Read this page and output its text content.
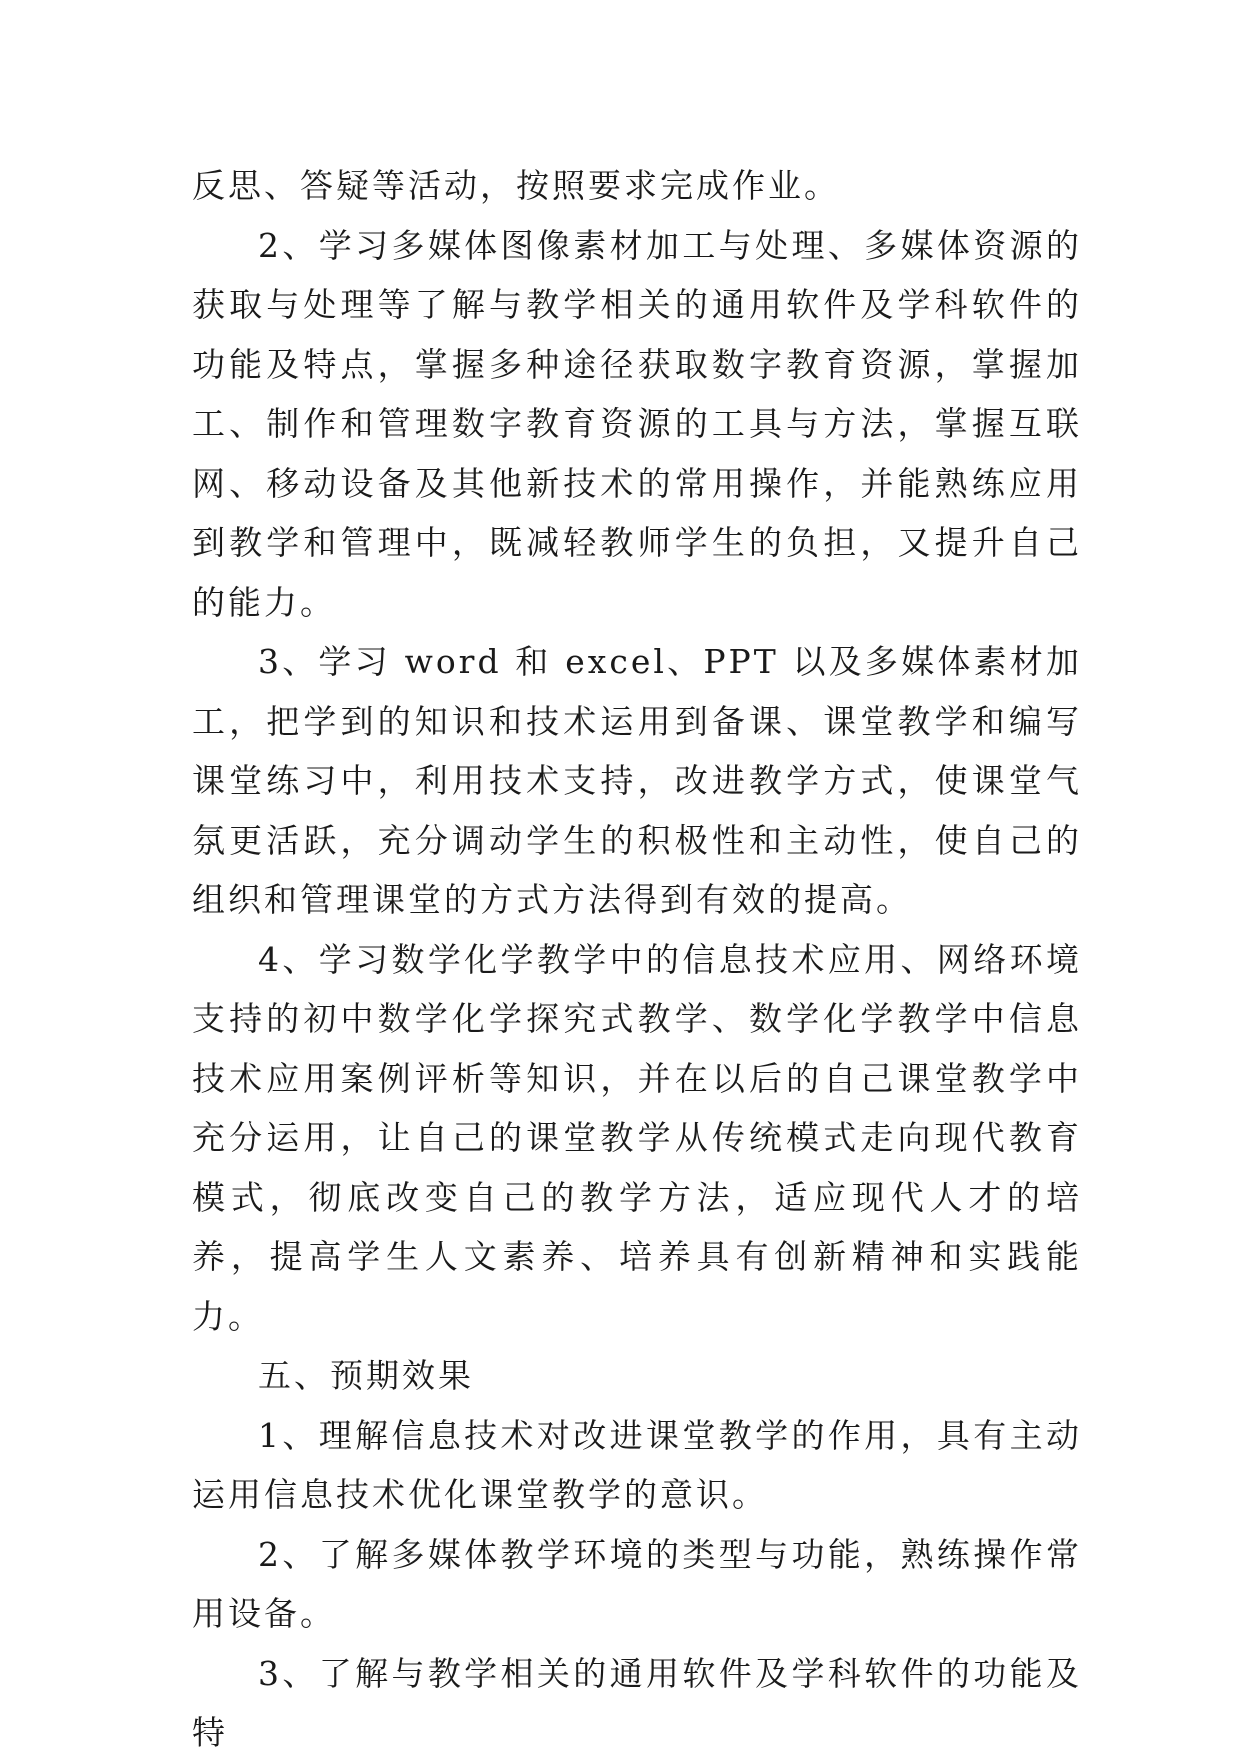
反思、答疑等活动，按照要求完成作业。

2、学习多媒体图像素材加工与处理、多媒体资源的获取与处理等了解与教学相关的通用软件及学科软件的功能及特点，掌握多种途径获取数字教育资源，掌握加工、制作和管理数字教育资源的工具与方法，掌握互联网、移动设备及其他新技术的常用操作，并能熟练应用到教学和管理中，既减轻教师学生的负担，又提升自己的能力。

3、学习 word 和 excel、PPT 以及多媒体素材加工，把学到的知识和技术运用到备课、课堂教学和编写课堂练习中，利用技术支持，改进教学方式，使课堂气氛更活跃，充分调动学生的积极性和主动性，使自己的组织和管理课堂的方式方法得到有效的提高。

4、学习数学化学教学中的信息技术应用、网络环境支持的初中数学化学探究式教学、数学化学教学中信息技术应用案例评析等知识，并在以后的自己课堂教学中充分运用，让自己的课堂教学从传统模式走向现代教育模式，彻底改变自己的教学方法，适应现代人才的培养，提高学生人文素养、培养具有创新精神和实践能力。

五、预期效果

1、理解信息技术对改进课堂教学的作用，具有主动运用信息技术优化课堂教学的意识。

2、了解多媒体教学环境的类型与功能，熟练操作常用设备。

3、了解与教学相关的通用软件及学科软件的功能及特
